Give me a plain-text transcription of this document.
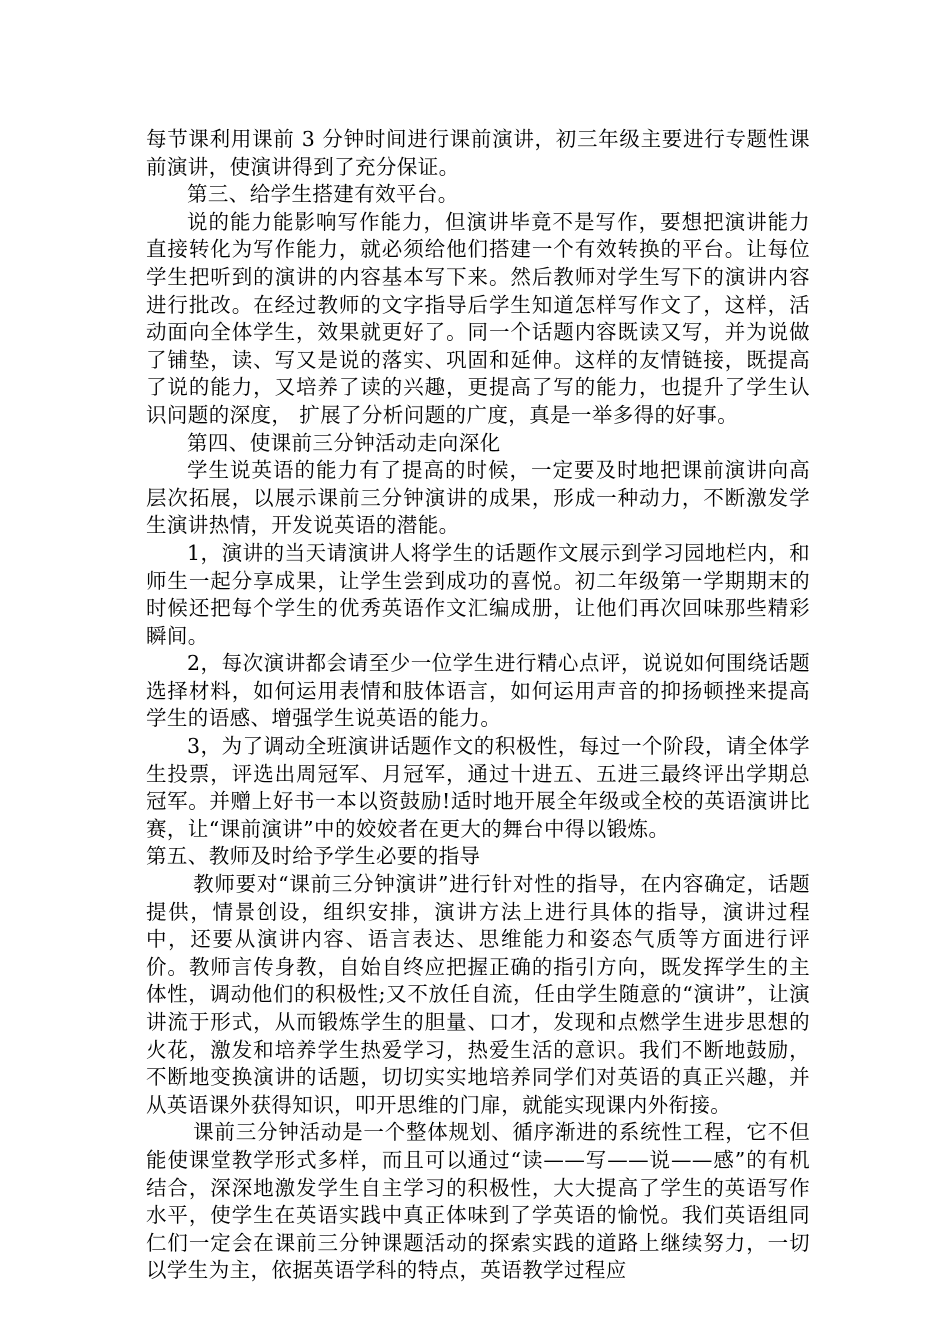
每节课利用课前 3 分钟时间进行课前演讲，初三年级主要进行专题性课前演讲，使演讲得到了充分保证。

第三、给学生搭建有效平台。

说的能力能影响写作能力，但演讲毕竟不是写作，要想把演讲能力直接转化为写作能力，就必须给他们搭建一个有效转换的平台。让每位学生把听到的演讲的内容基本写下来。然后教师对学生写下的演讲内容进行批改。在经过教师的文字指导后学生知道怎样写作文了，这样，活动面向全体学生，效果就更好了。同一个话题内容既读又写，并为说做了铺垫，读、写又是说的落实、巩固和延伸。这样的友情链接，既提高了说的能力，又培养了读的兴趣，更提高了写的能力，也提升了学生认识问题的深度， 扩展了分析问题的广度，真是一举多得的好事。

第四、使课前三分钟活动走向深化

学生说英语的能力有了提高的时候，一定要及时地把课前演讲向高层次拓展，以展示课前三分钟演讲的成果，形成一种动力，不断激发学生演讲热情，开发说英语的潜能。

1，演讲的当天请演讲人将学生的话题作文展示到学习园地栏内，和师生一起分享成果，让学生尝到成功的喜悦。初二年级第一学期期末的时候还把每个学生的优秀英语作文汇编成册，让他们再次回味那些精彩瞬间。

2，每次演讲都会请至少一位学生进行精心点评，说说如何围绕话题选择材料，如何运用表情和肢体语言，如何运用声音的抑扬顿挫来提高学生的语感、增强学生说英语的能力。

3，为了调动全班演讲话题作文的积极性，每过一个阶段，请全体学生投票，评选出周冠军、月冠军，通过十进五、五进三最终评出学期总冠军。并赠上好书一本以资鼓励!适时地开展全年级或全校的英语演讲比赛，让“课前演讲”中的姣姣者在更大的舞台中得以锻炼。

第五、教师及时给予学生必要的指导

教师要对“课前三分钟演讲”进行针对性的指导，在内容确定，话题提供，情景创设，组织安排，演讲方法上进行具体的指导，演讲过程中，还要从演讲内容、语言表达、思维能力和姿态气质等方面进行评价。教师言传身教，自始自终应把握正确的指引方向，既发挥学生的主体性，调动他们的积极性;又不放任自流，任由学生随意的“演讲”，让演讲流于形式，从而锻炼学生的胆量、口才，发现和点燃学生进步思想的火花，激发和培养学生热爱学习，热爱生活的意识。我们不断地鼓励，不断地变换演讲的话题，切切实实地培养同学们对英语的真正兴趣，并从英语课外获得知识，叩开思维的门扉，就能实现课内外衔接。

课前三分钟活动是一个整体规划、循序渐进的系统性工程，它不但能使课堂教学形式多样，而且可以通过“读——写——说——感”的有机结合，深深地激发学生自主学习的积极性，大大提高了学生的英语写作水平，使学生在英语实践中真正体味到了学英语的愉悦。我们英语组同仁们一定会在课前三分钟课题活动的探索实践的道路上继续努力，一切以学生为主，依据英语学科的特点，英语教学过程应
